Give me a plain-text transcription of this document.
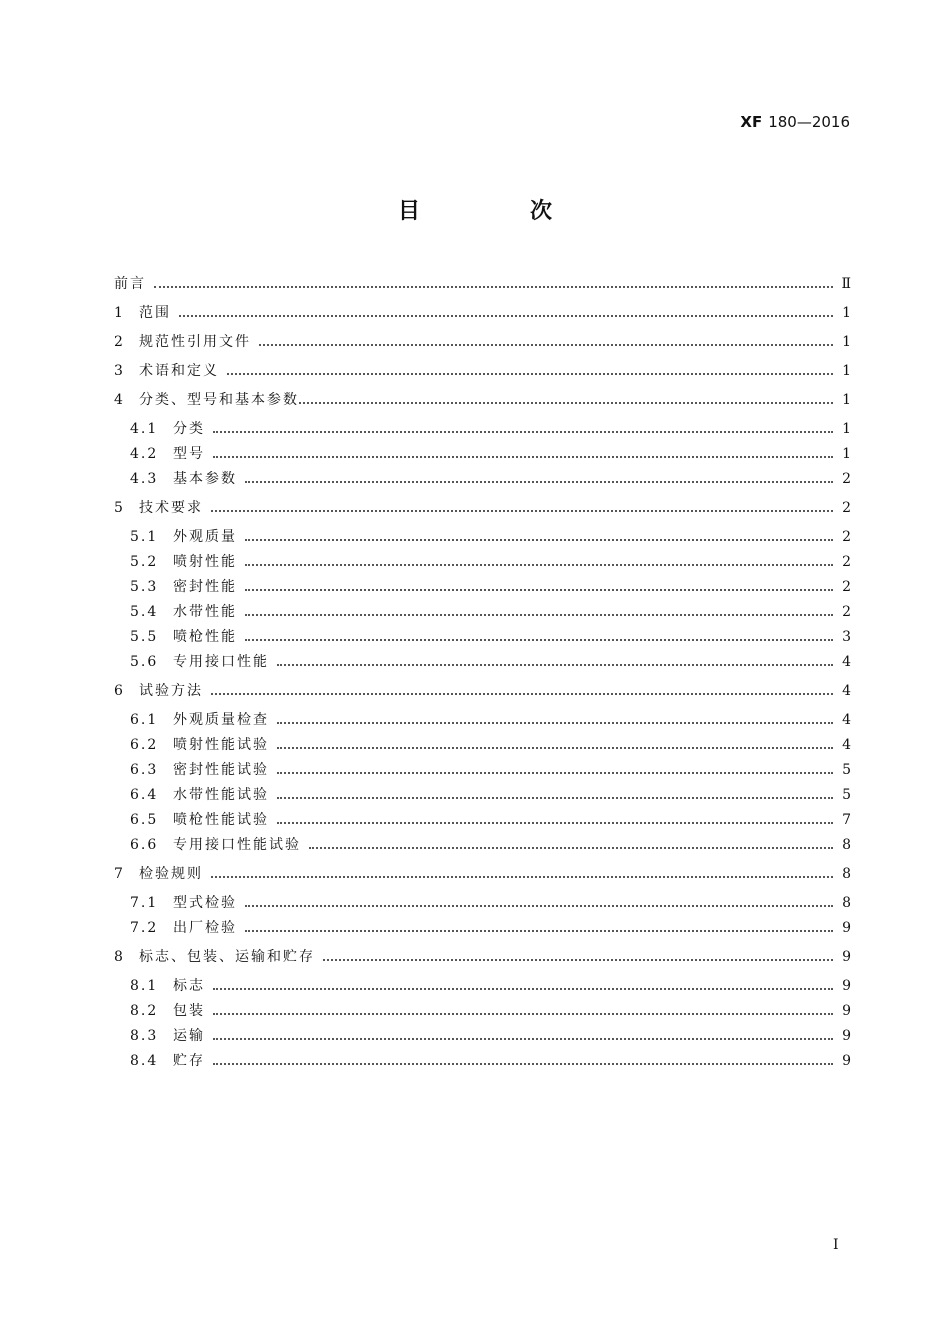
XF 180—2016
目　次
前言	Ⅱ
1	范围	1
2	规范性引用文件	1
3	术语和定义	1
4	分类、型号和基本参数	1
4.1	分类	1
4.2	型号	1
4.3	基本参数	2
5	技术要求	2
5.1	外观质量	2
5.2	喷射性能	2
5.3	密封性能	2
5.4	水带性能	2
5.5	喷枪性能	3
5.6	专用接口性能	4
6	试验方法	4
6.1	外观质量检查	4
6.2	喷射性能试验	4
6.3	密封性能试验	5
6.4	水带性能试验	5
6.5	喷枪性能试验	7
6.6	专用接口性能试验	8
7	检验规则	8
7.1	型式检验	8
7.2	出厂检验	9
8	标志、包装、运输和贮存	9
8.1	标志	9
8.2	包装	9
8.3	运输	9
8.4	贮存	9
Ⅰ
